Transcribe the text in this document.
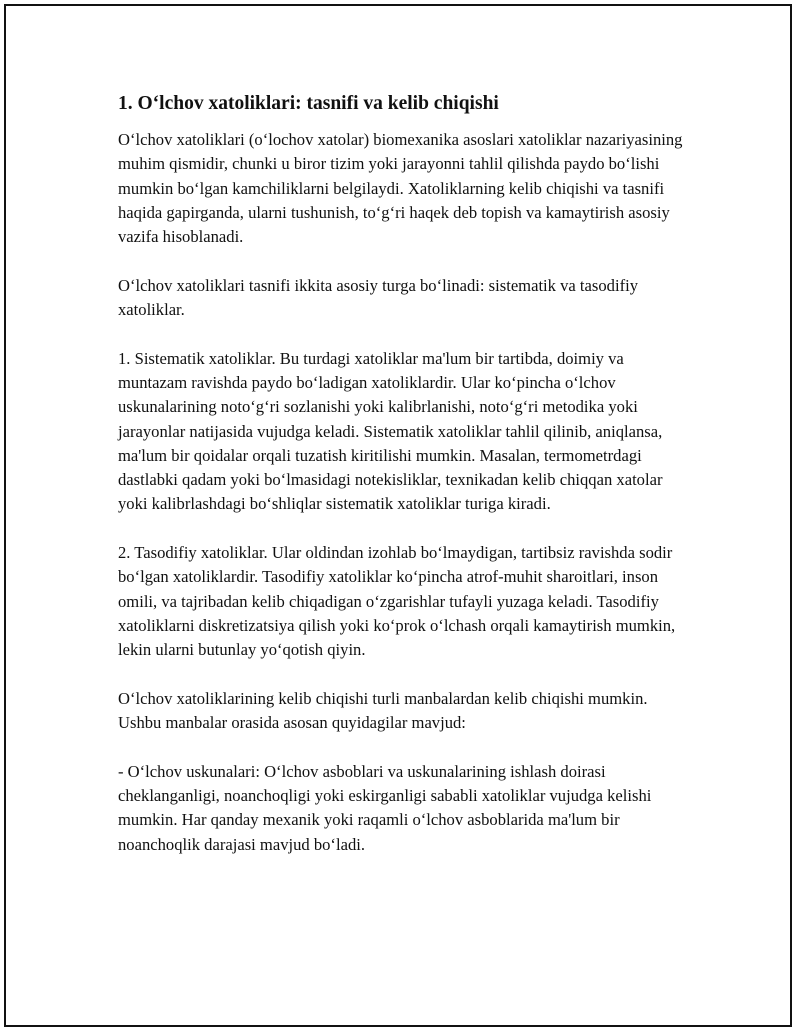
1. Oʻlchov xatoliklari: tasnifi va kelib chiqishi

Oʻlchov xatoliklari (oʻlochov xatolar) biomexanika asoslari xatoliklar nazariyasining muhim qismidir, chunki u biror tizim yoki jarayonni tahlil qilishda paydo boʻlishi mumkin boʻlgan kamchiliklarni belgilaydi. Xatoliklarning kelib chiqishi va tasnifi haqida gapirganda, ularni tushunish, toʻgʻri haqek deb topish va kamaytirish asosiy vazifa hisoblanadi.

Oʻlchov xatoliklari tasnifi ikkita asosiy turga boʻlinadi: sistematik va tasodifiy xatoliklar.

1. Sistematik xatoliklar. Bu turdagi xatoliklar ma'lum bir tartibda, doimiy va muntazam ravishda paydo boʻladigan xatoliklardir. Ular koʻpincha oʻlchov uskunalarining notoʻgʻri sozlanishi yoki kalibrlanishi, notoʻgʻri metodika yoki jarayonlar natijasida vujudga keladi. Sistematik xatoliklar tahlil qilinib, aniqlansa, ma'lum bir qoidalar orqali tuzatish kiritilishi mumkin. Masalan, termometrdagi dastlabki qadam yoki boʻlmasidagi notekisliklar, texnikadan kelib chiqqan xatolar yoki kalibrlashdagi boʻshliqlar sistematik xatoliklar turiga kiradi.

2. Tasodifiy xatoliklar. Ular oldindan izohlab boʻlmaydigan, tartibsiz ravishda sodir boʻlgan xatoliklardir. Tasodifiy xatoliklar koʻpincha atrof-muhit sharoitlari, inson omili, va tajribadan kelib chiqadigan oʻzgarishlar tufayli yuzaga keladi. Tasodifiy xatoliklarni diskretizatsiya qilish yoki koʻprok oʻlchash orqali kamaytirish mumkin, lekin ularni butunlay yoʻqotish qiyin.

Oʻlchov xatoliklarining kelib chiqishi turli manbalardan kelib chiqishi mumkin. Ushbu manbalar orasida asosan quyidagilar mavjud:

- Oʻlchov uskunalari: Oʻlchov asboblari va uskunalarining ishlash doirasi cheklanganligi, noanchoqligi yoki eskirganligi sababli xatoliklar vujudga kelishi mumkin. Har qanday mexanik yoki raqamli oʻlchov asboblarida ma'lum bir noanchoqlik darajasi mavjud boʻladi.
